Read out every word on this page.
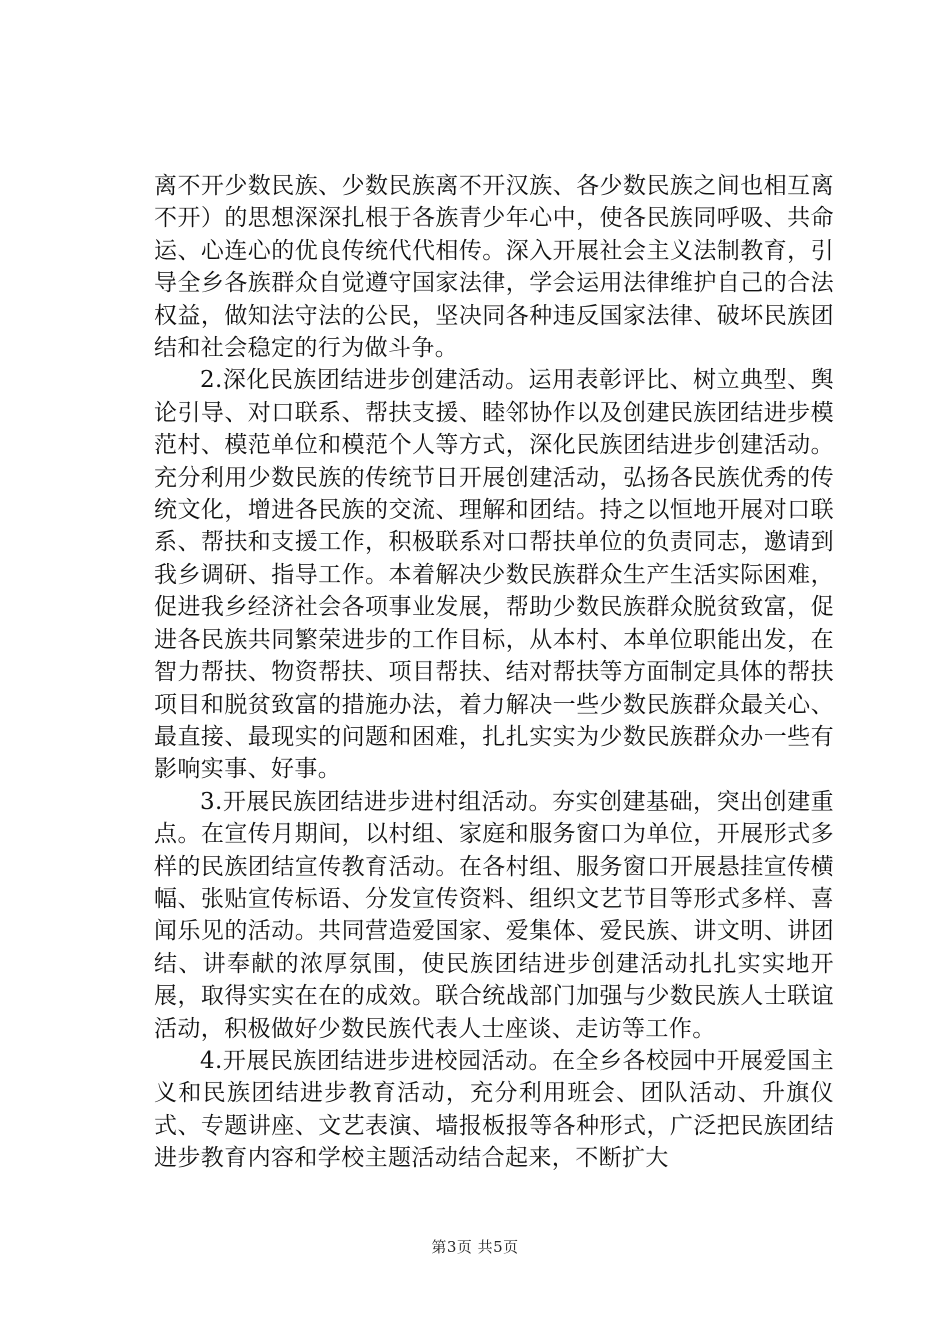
离不开少数民族、少数民族离不开汉族、各少数民族之间也相互离不开）的思想深深扎根于各族青少年心中，使各民族同呼吸、共命运、心连心的优良传统代代相传。深入开展社会主义法制教育，引导全乡各族群众自觉遵守国家法律，学会运用法律维护自己的合法权益，做知法守法的公民，坚决同各种违反国家法律、破坏民族团结和社会稳定的行为做斗争。

2.深化民族团结进步创建活动。运用表彰评比、树立典型、舆论引导、对口联系、帮扶支援、睦邻协作以及创建民族团结进步模范村、模范单位和模范个人等方式，深化民族团结进步创建活动。充分利用少数民族的传统节日开展创建活动，弘扬各民族优秀的传统文化，增进各民族的交流、理解和团结。持之以恒地开展对口联系、帮扶和支援工作，积极联系对口帮扶单位的负责同志，邀请到我乡调研、指导工作。本着解决少数民族群众生产生活实际困难，促进我乡经济社会各项事业发展，帮助少数民族群众脱贫致富，促进各民族共同繁荣进步的工作目标，从本村、本单位职能出发，在智力帮扶、物资帮扶、项目帮扶、结对帮扶等方面制定具体的帮扶项目和脱贫致富的措施办法，着力解决一些少数民族群众最关心、最直接、最现实的问题和困难，扎扎实实为少数民族群众办一些有影响实事、好事。

3.开展民族团结进步进村组活动。夯实创建基础，突出创建重点。在宣传月期间，以村组、家庭和服务窗口为单位，开展形式多样的民族团结宣传教育活动。在各村组、服务窗口开展悬挂宣传横幅、张贴宣传标语、分发宣传资料、组织文艺节目等形式多样、喜闻乐见的活动。共同营造爱国家、爱集体、爱民族、讲文明、讲团结、讲奉献的浓厚氛围，使民族团结进步创建活动扎扎实实地开展，取得实实在在的成效。联合统战部门加强与少数民族人士联谊活动，积极做好少数民族代表人士座谈、走访等工作。

4.开展民族团结进步进校园活动。在全乡各校园中开展爱国主义和民族团结进步教育活动，充分利用班会、团队活动、升旗仪式、专题讲座、文艺表演、墙报板报等各种形式，广泛把民族团结进步教育内容和学校主题活动结合起来，不断扩大

第3页 共5页
